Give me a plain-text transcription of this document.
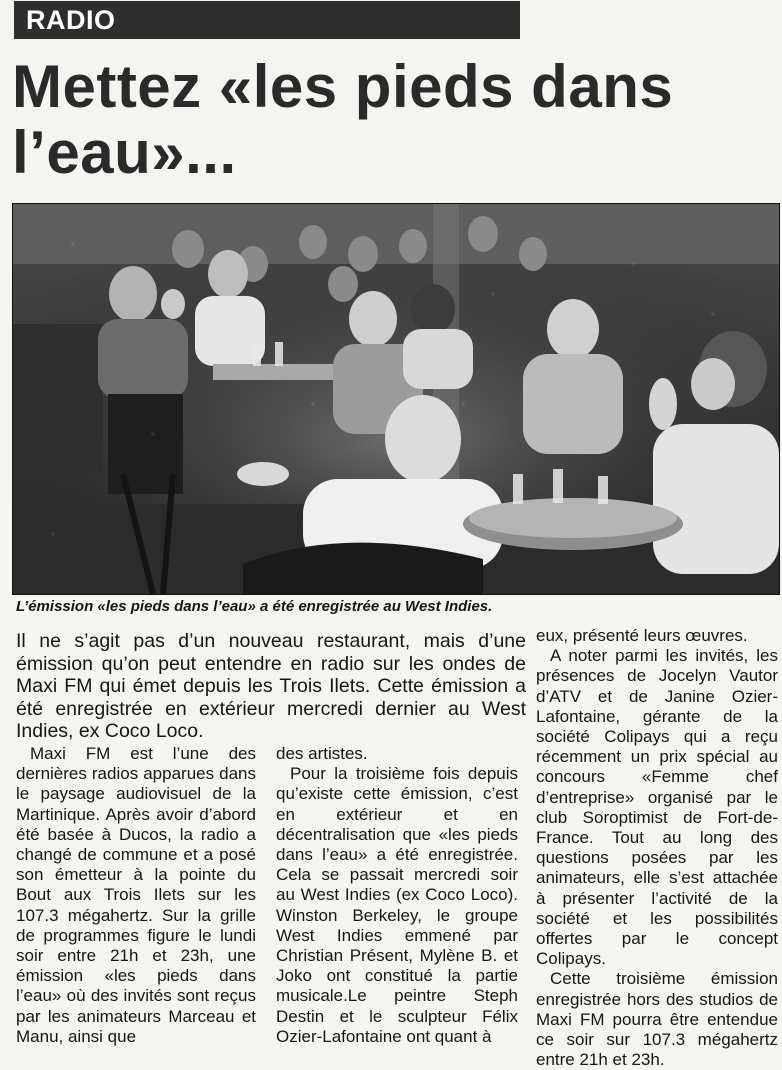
RADIO
Mettez «les pieds dans l’eau»...
L’émission «les pieds dans l’eau» a été enregistrée au West Indies.

Il ne s’agit pas d’un nouveau restaurant, mais d’une émission qu’on peut entendre en radio sur les ondes de Maxi FM qui émet depuis les Trois Ilets. Cette émission a été enregistrée en extérieur mercredi dernier au West Indies, ex Coco Loco.

Maxi FM est l’une des dernières radios apparues dans le paysage audiovisuel de la Martinique. Après avoir d’abord été basée à Ducos, la radio a changé de commune et a posé son émetteur à la pointe du Bout aux Trois Ilets sur les 107.3 mégahertz. Sur la grille de programmes figure le lundi soir entre 21h et 23h, une émission «les pieds dans l’eau» où des invités sont reçus par les animateurs Marceau et Manu, ainsi que
des artistes.
Pour la troisième fois depuis qu’existe cette émission, c’est en extérieur et en décentralisation que «les pieds dans l’eau» a été enregistrée. Cela se passait mercredi soir au West Indies (ex Coco Loco). Winston Berkeley, le groupe West Indies emmené par Christian Présent, Mylène B. et Joko ont constitué la partie musicale.Le peintre Steph Destin et le sculpteur Félix Ozier-Lafontaine ont quant à
eux, présenté leurs œuvres.
A noter parmi les invités, les présences de Jocelyn Vautor d’ATV et de Janine Ozier-Lafontaine, gérante de la société Colipays qui a reçu récemment un prix spécial au concours «Femme chef d’entreprise» organisé par le club Soroptimist de Fort-de-France. Tout au long des questions posées par les animateurs, elle s’est attachée à présenter l’activité de la société et les possibilités offertes par le concept Colipays.
Cette troisième émission enregistrée hors des studios de Maxi FM pourra être entendue ce soir sur 107.3 mégahertz entre 21h et 23h.
